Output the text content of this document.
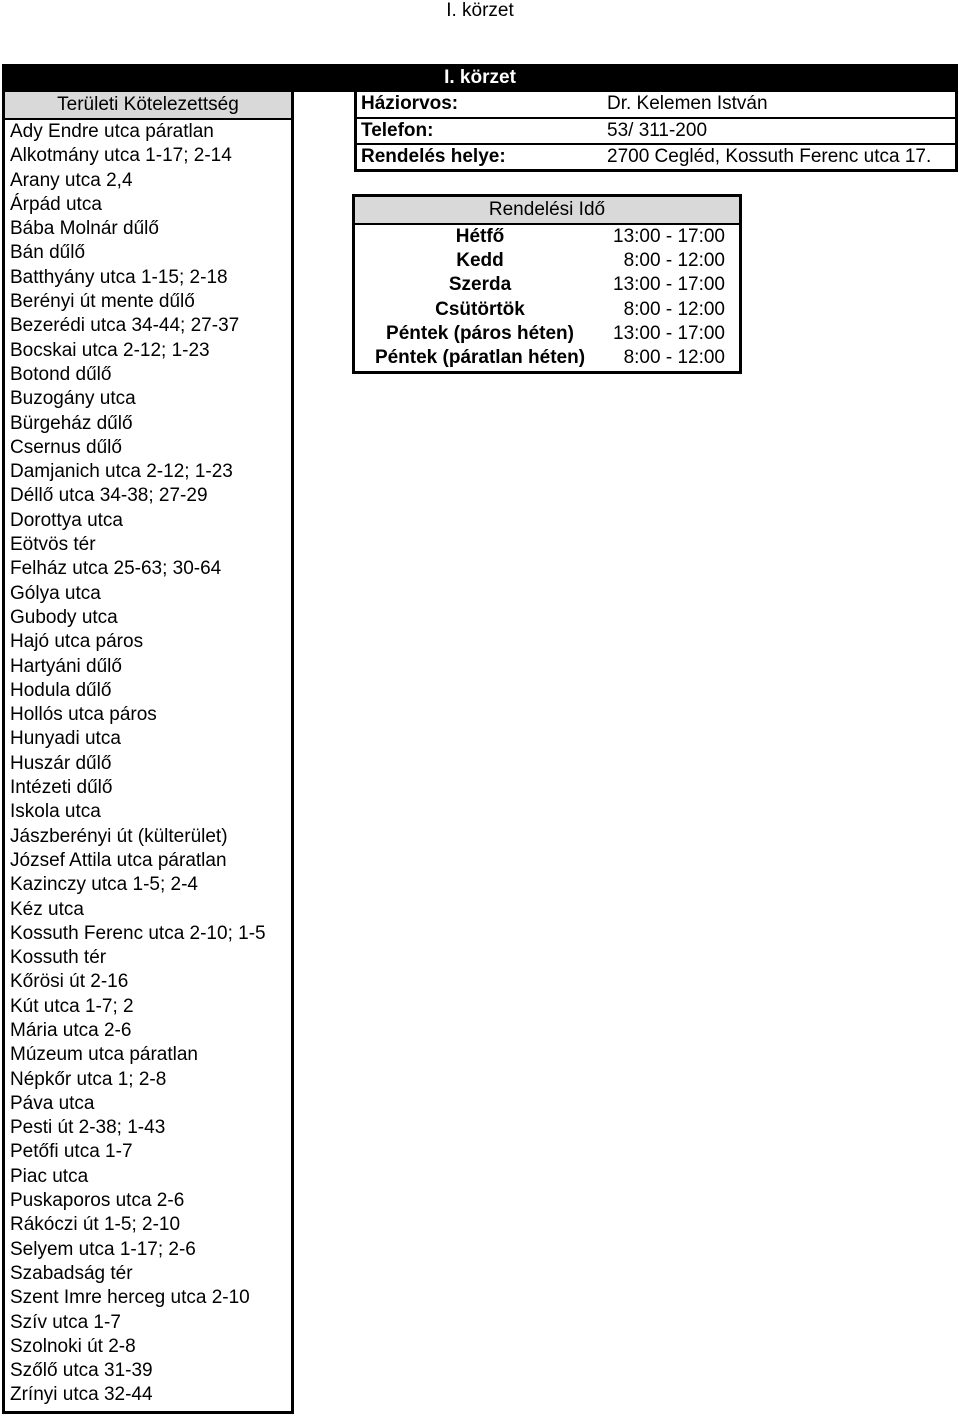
I. körzet
I. körzet
Területi Kötelezettség
Ady Endre utca páratlan
Alkotmány utca 1-17; 2-14
Arany utca 2,4
Árpád utca
Bába Molnár dűlő
Bán dűlő
Batthyány utca 1-15; 2-18
Berényi út mente dűlő
Bezerédi utca 34-44; 27-37
Bocskai utca 2-12; 1-23
Botond dűlő
Buzogány utca
Bürgeház dűlő
Csernus dűlő
Damjanich utca 2-12; 1-23
Déllő utca 34-38; 27-29
Dorottya utca
Eötvös tér
Felház utca 25-63; 30-64
Gólya utca
Gubody utca
Hajó utca páros
Hartyáni dűlő
Hodula dűlő
Hollós utca páros
Hunyadi utca
Huszár dűlő
Intézeti dűlő
Iskola utca
Jászberényi út (külterület)
József Attila utca páratlan
Kazinczy utca 1-5; 2-4
Kéz utca
Kossuth Ferenc utca 2-10; 1-5
Kossuth tér
Kőrösi út 2-16
Kút utca 1-7; 2
Mária utca 2-6
Múzeum utca páratlan
Népkőr utca 1; 2-8
Páva utca
Pesti út 2-38; 1-43
Petőfi utca 1-7
Piac utca
Puskaporos utca 2-6
Rákóczi út 1-5; 2-10
Selyem utca 1-17; 2-6
Szabadság tér
Szent Imre herceg utca 2-10
Szív utca 1-7
Szolnoki út 2-8
Szőlő utca 31-39
Zrínyi utca 32-44
Háziorvos:	Dr. Kelemen István
Telefon:	53/ 311-200
Rendelés helye:	2700 Cegléd, Kossuth Ferenc utca 17.
Rendelési Idő
Hétfő	13:00 - 17:00
Kedd	8:00 - 12:00
Szerda	13:00 - 17:00
Csütörtök	8:00 - 12:00
Péntek (páros héten)	13:00 - 17:00
Péntek (páratlan héten)	8:00 - 12:00
